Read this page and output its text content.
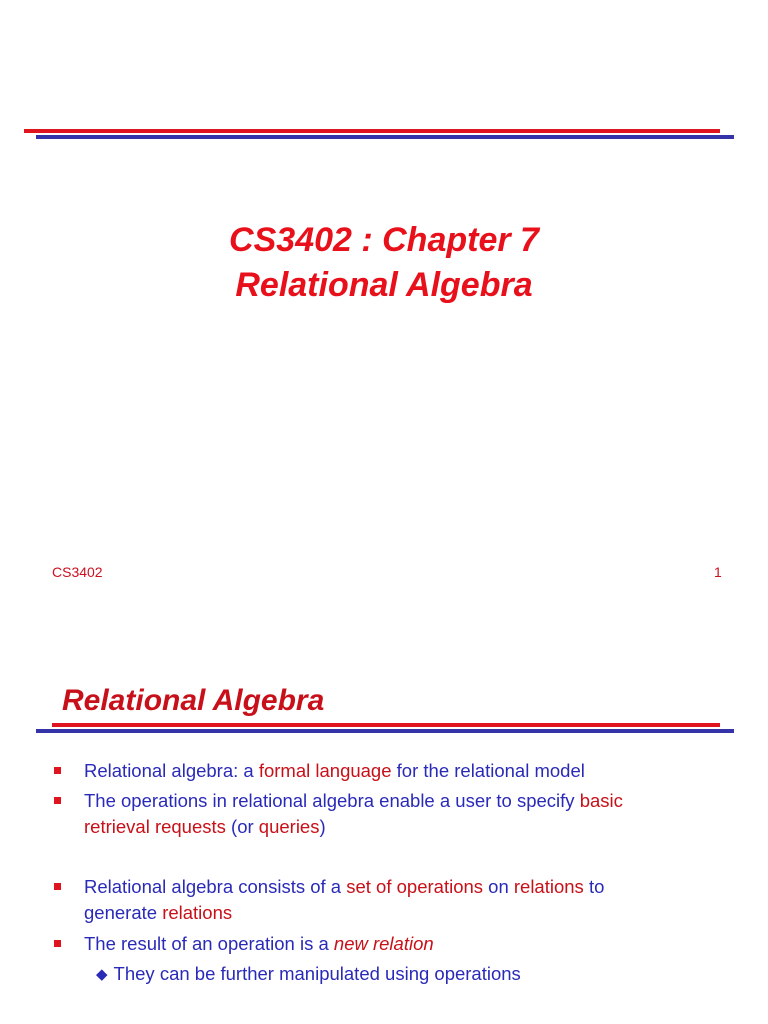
CS3402 : Chapter 7
Relational Algebra
CS3402	1
Relational Algebra
Relational algebra: a formal language for the relational model
The operations in relational algebra enable a user to specify basic
retrieval requests (or queries)
Relational algebra consists of a set of operations on relations to
generate relations
The result of an operation is a new relation
◆ They can be further manipulated using operations
